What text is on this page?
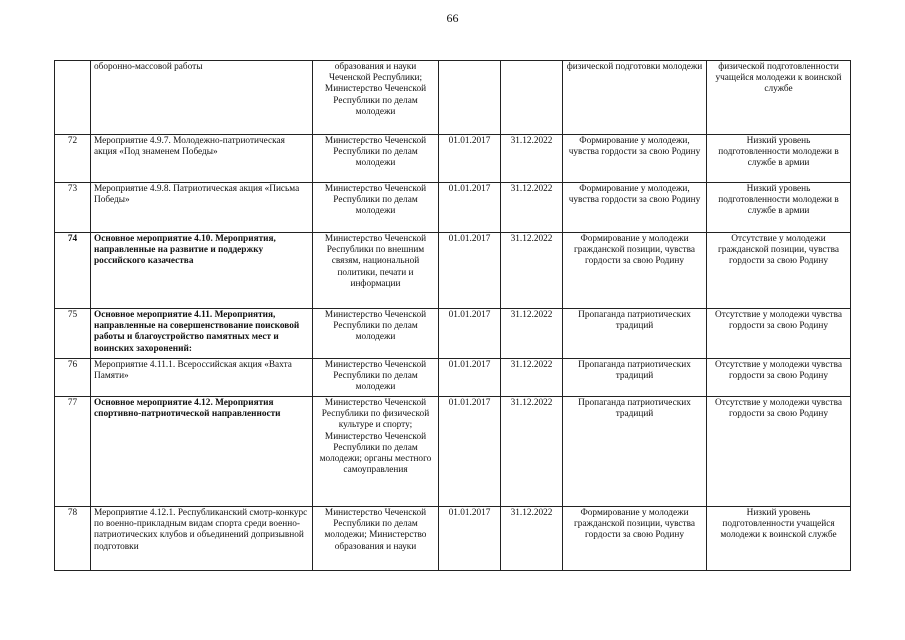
66
	оборонно-массовой работы	образования и науки Чеченской Республики; Министерство Чеченской Республики по делам молодежи			физической подготовки молодежи	физической подготовленности учащейся молодежи к воинской службе
72	Мероприятие 4.9.7. Молодежно-патриотическая акция «Под знаменем Победы»	Министерство Чеченской Республики по делам молодежи	01.01.2017	31.12.2022	Формирование у молодежи, чувства гордости за свою Родину	Низкий уровень подготовленности молодежи в службе в армии
73	Мероприятие 4.9.8. Патриотическая акция «Письма Победы»	Министерство Чеченской Республики по делам молодежи	01.01.2017	31.12.2022	Формирование у молодежи, чувства гордости за свою Родину	Низкий уровень подготовленности молодежи в службе в армии
74	Основное мероприятие 4.10. Мероприятия, направленные на развитие и поддержку российского казачества	Министерство Чеченской Республики по внешним связям, национальной политики, печати и информации	01.01.2017	31.12.2022	Формирование у молодежи гражданской позиции, чувства гордости за свою Родину	Отсутствие у молодежи гражданской позиции, чувства гордости за свою Родину
75	Основное мероприятие 4.11. Мероприятия, направленные на совершенствование поисковой работы и благоустройство памятных мест и воинских захоронений:	Министерство Чеченской Республики по делам молодежи	01.01.2017	31.12.2022	Пропаганда патриотических традиций	Отсутствие у молодежи чувства гордости за свою Родину
76	Мероприятие 4.11.1. Всероссийская акция «Вахта Памяти»	Министерство Чеченской Республики по делам молодежи	01.01.2017	31.12.2022	Пропаганда патриотических традиций	Отсутствие у молодежи чувства гордости за свою Родину
77	Основное мероприятие 4.12. Мероприятия спортивно-патриотической направленности	Министерство Чеченской Республики по физической культуре и спорту; Министерство Чеченской Республики по делам молодежи; органы местного самоуправления	01.01.2017	31.12.2022	Пропаганда патриотических традиций	Отсутствие у молодежи чувства гордости за свою Родину
78	Мероприятие 4.12.1. Республиканский смотр-конкурс по военно-прикладным видам спорта среди военно-патриотических клубов и объединений допризывной подготовки	Министерство Чеченской Республики по делам молодежи; Министерство образования и науки	01.01.2017	31.12.2022	Формирование у молодежи гражданской позиции, чувства гордости за свою Родину	Низкий уровень подготовленности учащейся молодежи к воинской службе
